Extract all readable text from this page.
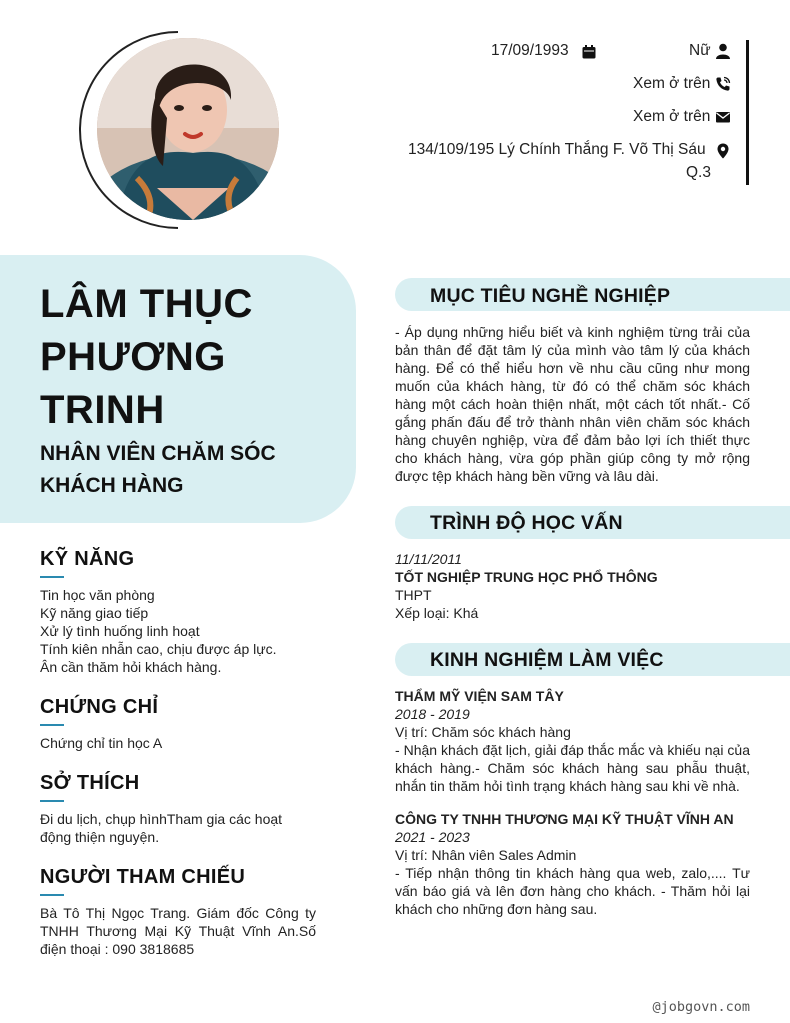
17/09/1993	Nữ
Xem ở trên
Xem ở trên
134/109/195 Lý Chính Thắng F. Võ Thị Sáu
Q.3
LÂM THỤC
PHƯƠNG
TRINH
NHÂN VIÊN CHĂM SÓC
KHÁCH HÀNG
KỸ NĂNG
Tin học văn phòng
Kỹ năng giao tiếp
Xử lý tình huống linh hoạt
Tính kiên nhẫn cao, chịu được áp lực.
Ân cần thăm hỏi khách hàng.
CHỨNG CHỈ
Chứng chỉ tin học A
SỞ THÍCH
Đi du lịch, chụp hìnhTham gia các hoạt động thiện nguyện.
NGƯỜI THAM CHIẾU
Bà Tô Thị Ngọc Trang. Giám đốc Công ty TNHH Thương Mại Kỹ Thuật Vĩnh An.Số điện thoại : 090 3818685
MỤC TIÊU NGHỀ NGHIỆP
- Áp dụng những hiểu biết và kinh nghiệm từng trải của bản thân để đặt tâm lý của mình vào tâm lý của khách hàng. Để có thể hiểu hơn về nhu cầu cũng như mong muốn của khách hàng, từ đó có thể chăm sóc khách hàng một cách hoàn thiện nhất, một cách tốt nhất.- Cố gắng phấn đấu để trở thành nhân viên chăm sóc khách hàng chuyên nghiệp, vừa để đảm bảo lợi ích thiết thực cho khách hàng, vừa góp phần giúp công ty mở rộng được tệp khách hàng bền vững và lâu dài.
TRÌNH ĐỘ HỌC VẤN
11/11/2011
TỐT NGHIỆP TRUNG HỌC PHỔ THÔNG
THPT
Xếp loại: Khá
KINH NGHIỆM LÀM VIỆC
THẨM MỸ VIỆN SAM TÂY
2018 - 2019
Vị trí: Chăm sóc khách hàng
- Nhận khách đặt lịch, giải đáp thắc mắc và khiếu nại của khách hàng.- Chăm sóc khách hàng sau phẫu thuật, nhắn tin thăm hỏi tình trạng khách hàng sau khi về nhà.
CÔNG TY TNHH THƯƠNG MẠI KỸ THUẬT VĨNH AN
2021 - 2023
Vị trí: Nhân viên Sales Admin
- Tiếp nhận thông tin khách hàng qua web, zalo,.... Tư vấn báo giá và lên đơn hàng cho khách. - Thăm hỏi lại khách cho những đơn hàng sau.
@jobgovn.com
